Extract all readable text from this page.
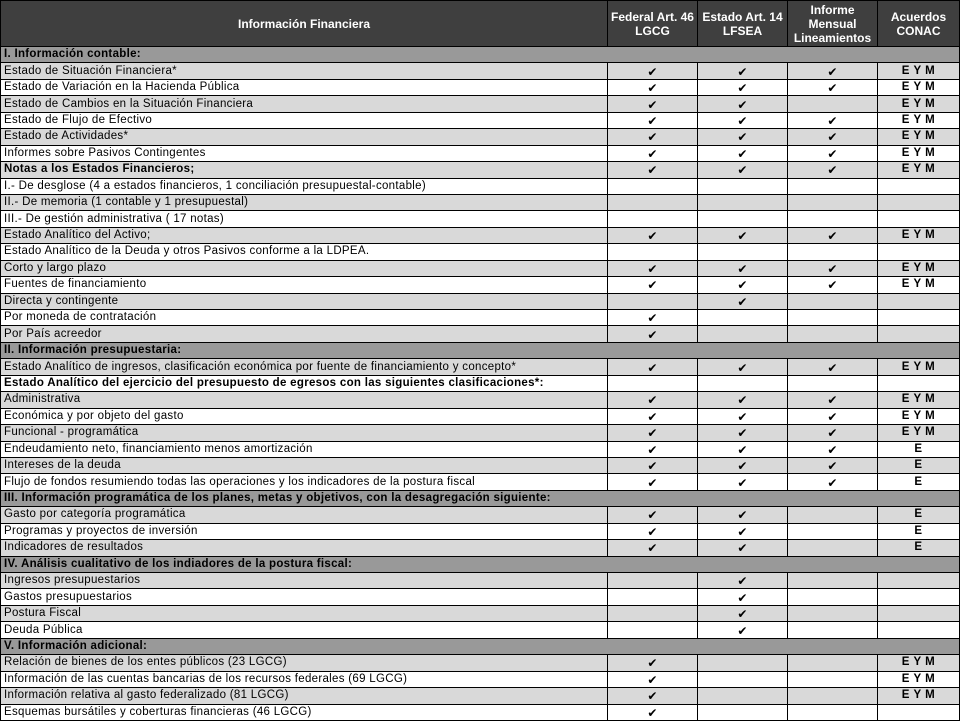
Información Financiera	Federal Art. 46 LGCG	Estado Art. 14 LFSEA	Informe Mensual Lineamientos	Acuerdos CONAC
I. Información contable:				
Estado de Situación Financiera*	✔	✔	✔	E Y M
Estado de Variación en la Hacienda Pública	✔	✔	✔	E Y M
Estado de Cambios en la Situación Financiera	✔	✔		E Y M
Estado de Flujo de Efectivo	✔	✔	✔	E Y M
Estado de Actividades*	✔	✔	✔	E Y M
Informes sobre Pasivos Contingentes	✔	✔	✔	E Y M
Notas a los Estados Financieros;	✔	✔	✔	E Y M
I.- De desglose (4 a estados financieros, 1 conciliación presupuestal-contable)				
II.- De memoria (1 contable y 1 presupuestal)				
III.- De gestión administrativa ( 17 notas)				
Estado Analítico del Activo;	✔	✔	✔	E Y M
Estado Analítico de la Deuda y otros Pasivos conforme a la LDPEA.				
Corto y largo plazo	✔	✔	✔	E Y M
Fuentes de financiamiento	✔	✔	✔	E Y M
Directa y contingente		✔		
Por moneda de contratación	✔			
Por País acreedor	✔			
II. Información presupuestaria:				
Estado Analítico de ingresos, clasificación económica por fuente de financiamiento y concepto*	✔	✔	✔	E Y M
Estado Analítico del ejercicio del presupuesto de egresos con las siguientes clasificaciones*:				
Administrativa	✔	✔	✔	E Y M
Económica y por objeto del gasto	✔	✔	✔	E Y M
Funcional - programática	✔	✔	✔	E Y M
Endeudamiento neto, financiamiento menos amortización	✔	✔	✔	E
Intereses de la deuda	✔	✔	✔	E
Flujo de fondos resumiendo todas las operaciones y los indicadores de la postura fiscal	✔	✔	✔	E
III. Información programática de los planes, metas y objetivos, con la desagregación siguiente:				
Gasto por categoría programática	✔	✔		E
Programas y proyectos de inversión	✔	✔		E
Indicadores de resultados	✔	✔		E
IV. Análisis cualitativo de los indiadores de la postura fiscal:				
Ingresos presupuestarios		✔		
Gastos presupuestarios		✔		
Postura Fiscal		✔		
Deuda Pública		✔		
V. Información adicional:				
Relación de bienes de los entes públicos (23 LGCG)	✔			E Y M
Información de las cuentas bancarias de los recursos federales (69 LGCG)	✔			E Y M
Información relativa al gasto federalizado (81 LGCG)	✔			E Y M
Esquemas bursátiles y coberturas financieras (46 LGCG)	✔			
